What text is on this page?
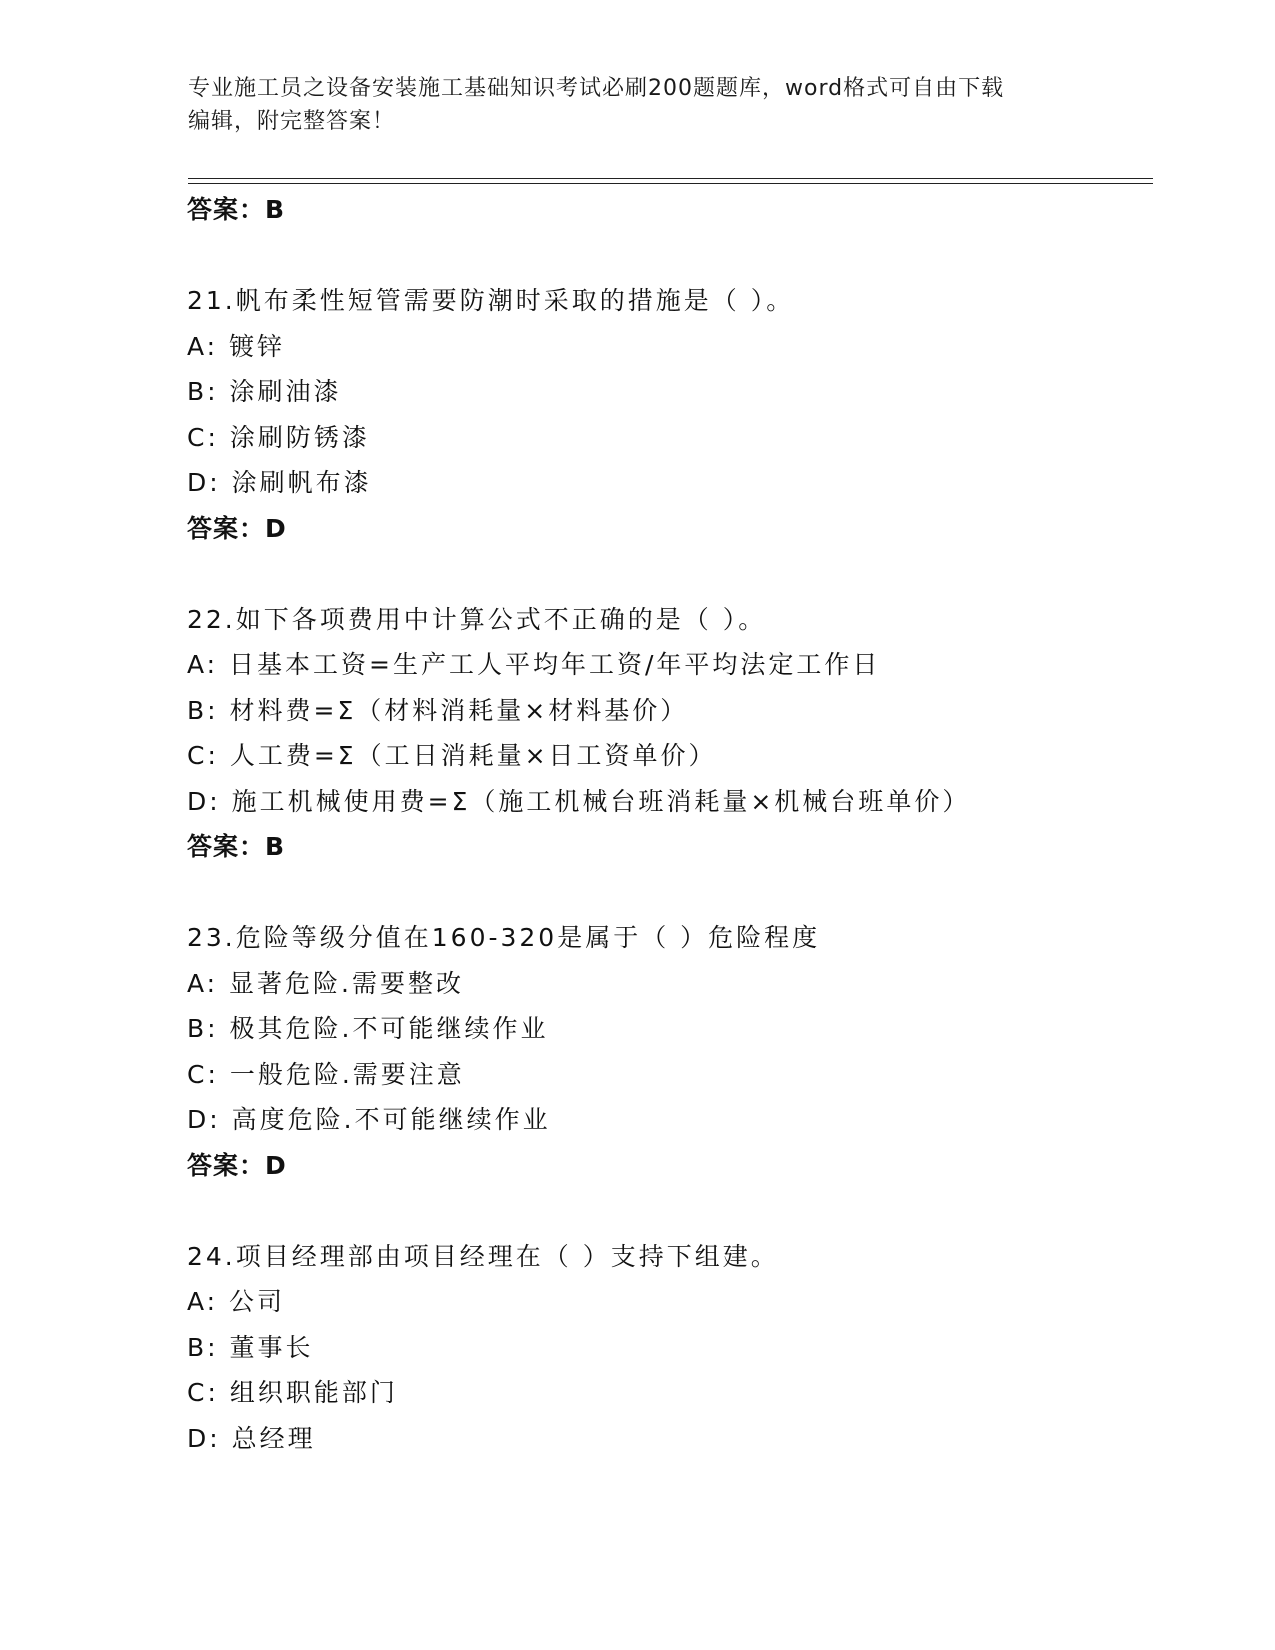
专业施工员之设备安装施工基础知识考试必刷200题题库，word格式可自由下载
编辑，附完整答案！
答案：B
21.帆布柔性短管需要防潮时采取的措施是（ ）。
A: 镀锌
B: 涂刷油漆
C: 涂刷防锈漆
D: 涂刷帆布漆
答案：D
22.如下各项费用中计算公式不正确的是（ ）。
A: 日基本工资=生产工人平均年工资/年平均法定工作日
B: 材料费=Σ（材料消耗量×材料基价）
C: 人工费=Σ（工日消耗量×日工资单价）
D: 施工机械使用费=Σ（施工机械台班消耗量×机械台班单价）
答案：B
23.危险等级分值在160-320是属于（ ）危险程度
A: 显著危险.需要整改
B: 极其危险.不可能继续作业
C: 一般危险.需要注意
D: 高度危险.不可能继续作业
答案：D
24.项目经理部由项目经理在（ ）支持下组建。
A: 公司
B: 董事长
C: 组织职能部门
D: 总经理
